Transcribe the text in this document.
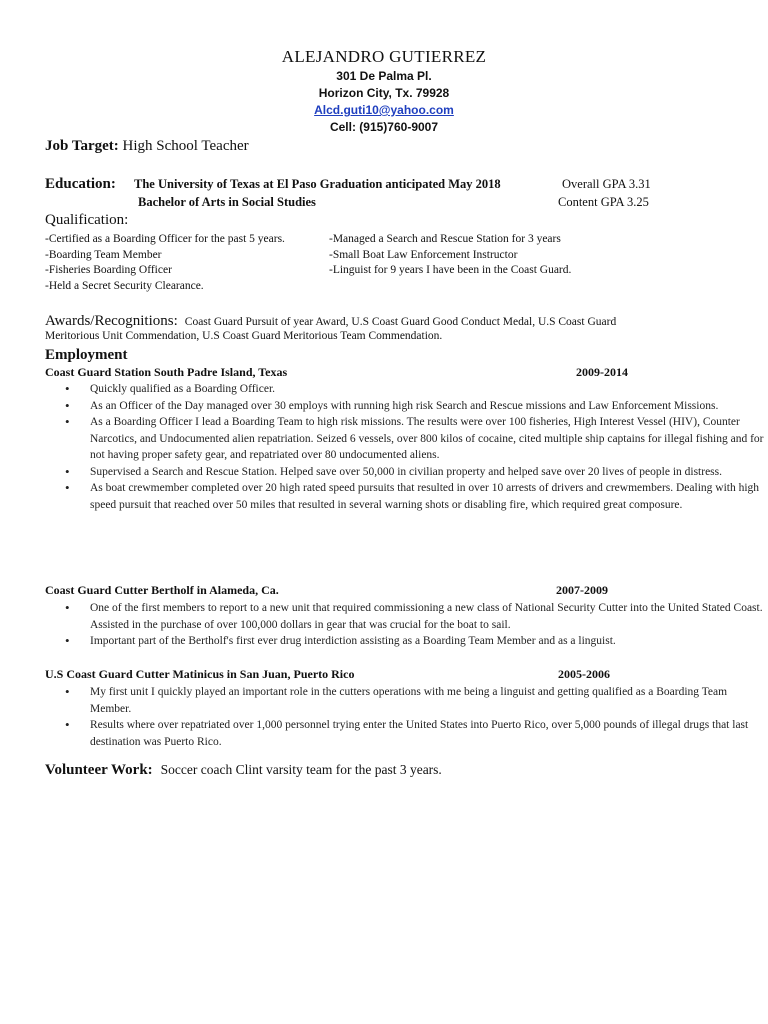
ALEJANDRO GUTIERREZ
301 De Palma Pl.
Horizon City, Tx. 79928
Alcd.guti10@yahoo.com
Cell: (915)760-9007
Job Target: High School Teacher
Education: The University of Texas at El Paso Graduation anticipated May 2018	Overall GPA 3.31
Bachelor of Arts in Social Studies	Content GPA 3.25
Qualification:
-Certified as a Boarding Officer for the past 5 years.
-Boarding Team Member
-Fisheries Boarding Officer
-Held a Secret Security Clearance.
-Managed a Search and Rescue Station for 3 years
-Small Boat Law Enforcement Instructor
-Linguist for 9 years I have been in the Coast Guard.
Awards/Recognitions: Coast Guard Pursuit of year Award, U.S Coast Guard Good Conduct Medal, U.S Coast Guard
Meritorious Unit Commendation, U.S Coast Guard Meritorious Team Commendation.
Employment
Coast Guard Station South Padre Island, Texas	2009-2014
• Quickly qualified as a Boarding Officer.
• As an Officer of the Day managed over 30 employs with running high risk Search and Rescue missions and Law Enforcement Missions.
• As a Boarding Officer I lead a Boarding Team to high risk missions. The results were over 100 fisheries, High Interest Vessel (HIV), Counter Narcotics, and Undocumented alien repatriation. Seized 6 vessels, over 800 kilos of cocaine, cited multiple ship captains for illegal fishing and for not having proper safety gear, and repatriated over 80 undocumented aliens.
• Supervised a Search and Rescue Station. Helped save over 50,000 in civilian property and helped save over 20 lives of people in distress.
• As boat crewmember completed over 20 high rated speed pursuits that resulted in over 10 arrests of drivers and crewmembers. Dealing with high speed pursuit that reached over 50 miles that resulted in several warning shots or disabling fire, which required great composure.
Coast Guard Cutter Bertholf in Alameda, Ca.	2007-2009
• One of the first members to report to a new unit that required commissioning a new class of National Security Cutter into the United Stated Coast. Assisted in the purchase of over 100,000 dollars in gear that was crucial for the boat to sail.
• Important part of the Bertholf's first ever drug interdiction assisting as a Boarding Team Member and as a linguist.
U.S Coast Guard Cutter Matinicus in San Juan, Puerto Rico	2005-2006
• My first unit I quickly played an important role in the cutters operations with me being a linguist and getting qualified as a Boarding Team Member.
• Results where over repatriated over 1,000 personnel trying enter the United States into Puerto Rico, over 5,000 pounds of illegal drugs that last destination was Puerto Rico.
Volunteer Work: Soccer coach Clint varsity team for the past 3 years.
